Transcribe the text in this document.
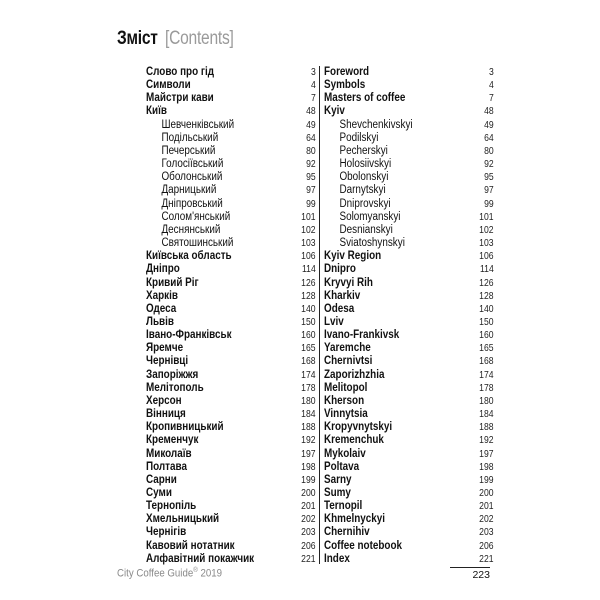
Зміст [Contents]
Слово про гід	3
Символи	4
Майстри кави	7
Київ	48
Шевченківський	49
Подільський	64
Печерський	80
Голосіївський	92
Оболонський	95
Дарницький	97
Дніпровський	99
Солом'янський	101
Деснянський	102
Святошинський	103
Київська область	106
Дніпро	114
Кривий Ріг	126
Харків	128
Одеса	140
Львів	150
Івано-Франківськ	160
Яремче	165
Чернівці	168
Запоріжжя	174
Мелітополь	178
Херсон	180
Вінниця	184
Кропивницький	188
Кременчук	192
Миколаїв	197
Полтава	198
Сарни	199
Суми	200
Тернопіль	201
Хмельницький	202
Чернігів	203
Кавовий нотатник	206
Алфавітний покажчик	221
Foreword	3
Symbols	4
Masters of coffee	7
Kyiv	48
Shevchenkivskyi	49
Podilskyi	64
Pecherskyi	80
Holosiivskyi	92
Obolonskyi	95
Darnytskyi	97
Dniprovskyi	99
Solomyanskyi	101
Desnianskyi	102
Sviatoshynskyi	103
Kyiv Region	106
Dnipro	114
Kryvyi Rih	126
Kharkiv	128
Odesa	140
Lviv	150
Ivano-Frankivsk	160
Yaremche	165
Chernivtsi	168
Zaporizhzhia	174
Melitopol	178
Kherson	180
Vinnytsia	184
Kropyvnytskyi	188
Kremenchuk	192
Mykolaiv	197
Poltava	198
Sarny	199
Sumy	200
Ternopil	201
Khmelnyckyi	202
Chernihiv	203
Coffee notebook	206
Index	221
City Coffee Guide® 2019	223
